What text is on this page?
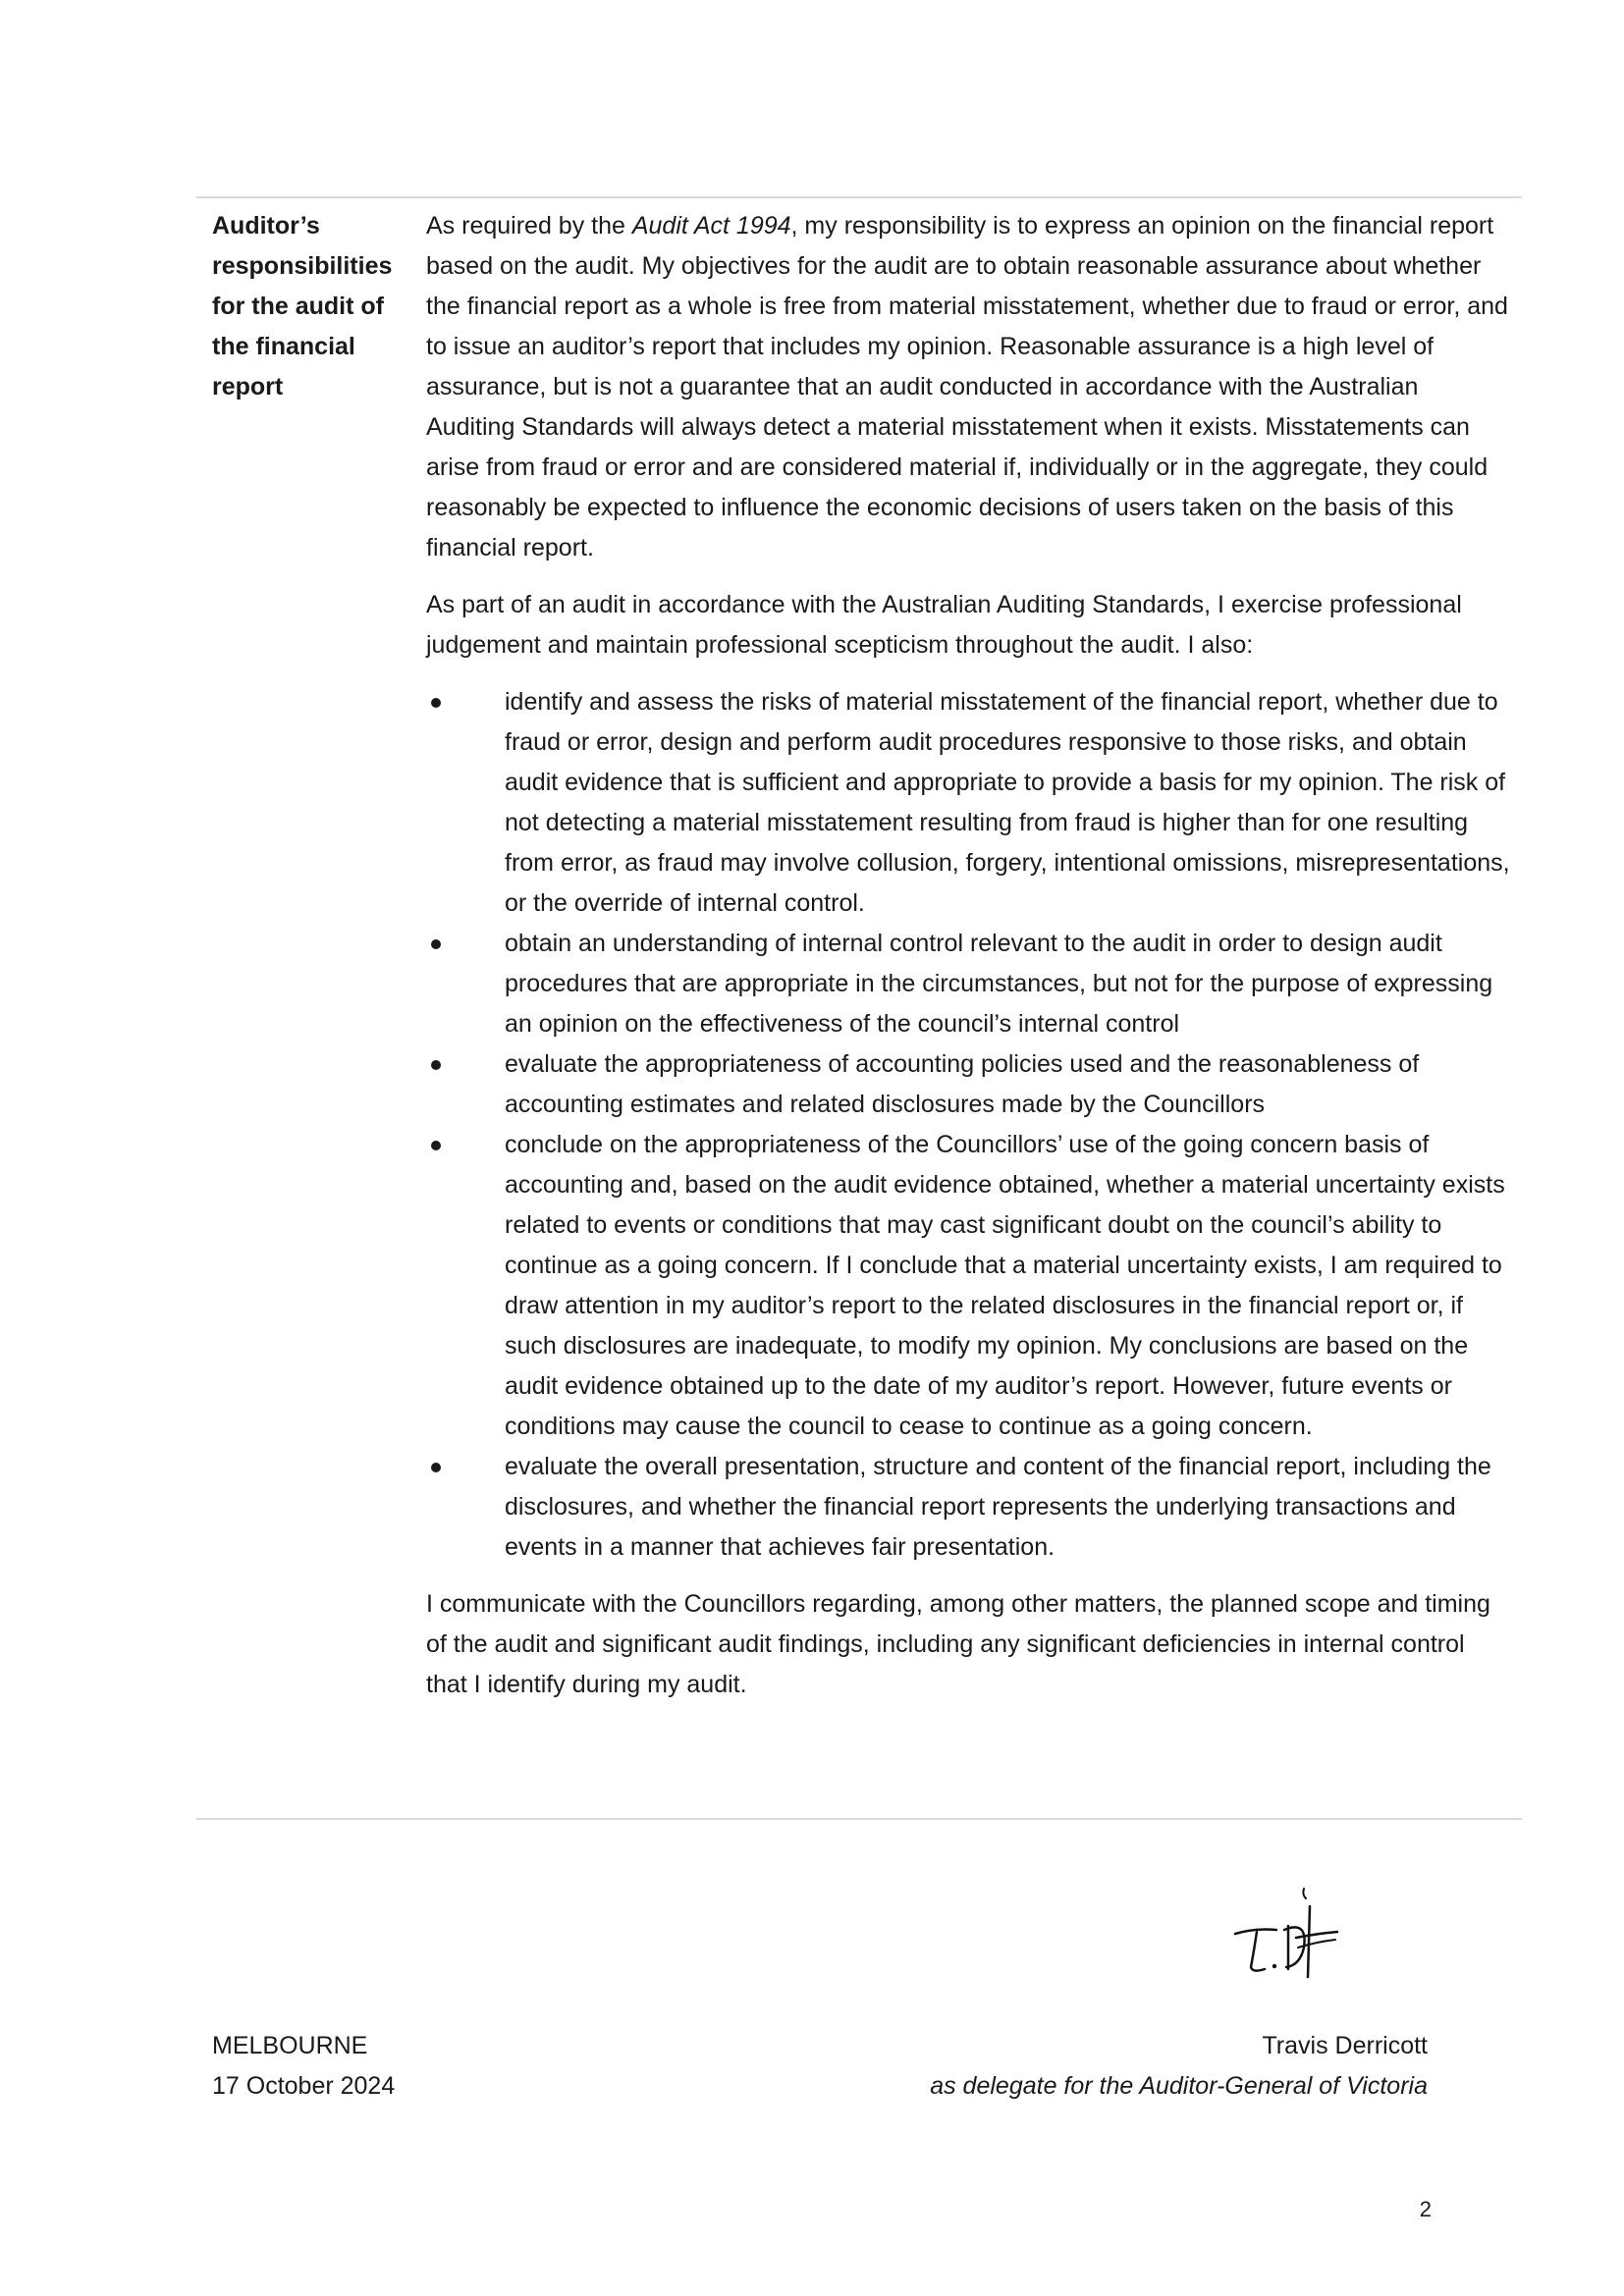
Auditor’s responsibilities for the audit of the financial report

As required by the Audit Act 1994, my responsibility is to express an opinion on the financial report based on the audit. My objectives for the audit are to obtain reasonable assurance about whether the financial report as a whole is free from material misstatement, whether due to fraud or error, and to issue an auditor’s report that includes my opinion. Reasonable assurance is a high level of assurance, but is not a guarantee that an audit conducted in accordance with the Australian Auditing Standards will always detect a material misstatement when it exists. Misstatements can arise from fraud or error and are considered material if, individually or in the aggregate, they could reasonably be expected to influence the economic decisions of users taken on the basis of this financial report.

As part of an audit in accordance with the Australian Auditing Standards, I exercise professional judgement and maintain professional scepticism throughout the audit. I also:

identify and assess the risks of material misstatement of the financial report, whether due to fraud or error, design and perform audit procedures responsive to those risks, and obtain audit evidence that is sufficient and appropriate to provide a basis for my opinion. The risk of not detecting a material misstatement resulting from fraud is higher than for one resulting from error, as fraud may involve collusion, forgery, intentional omissions, misrepresentations, or the override of internal control.
obtain an understanding of internal control relevant to the audit in order to design audit procedures that are appropriate in the circumstances, but not for the purpose of expressing an opinion on the effectiveness of the council’s internal control
evaluate the appropriateness of accounting policies used and the reasonableness of accounting estimates and related disclosures made by the Councillors
conclude on the appropriateness of the Councillors’ use of the going concern basis of accounting and, based on the audit evidence obtained, whether a material uncertainty exists related to events or conditions that may cast significant doubt on the council’s ability to continue as a going concern. If I conclude that a material uncertainty exists, I am required to draw attention in my auditor’s report to the related disclosures in the financial report or, if such disclosures are inadequate, to modify my opinion. My conclusions are based on the audit evidence obtained up to the date of my auditor’s report. However, future events or conditions may cause the council to cease to continue as a going concern.
evaluate the overall presentation, structure and content of the financial report, including the disclosures, and whether the financial report represents the underlying transactions and events in a manner that achieves fair presentation.

I communicate with the Councillors regarding, among other matters, the planned scope and timing of the audit and significant audit findings, including any significant deficiencies in internal control that I identify during my audit.

MELBOURNE
17 October 2024
Travis Derricott
as delegate for the Auditor-General of Victoria
2
